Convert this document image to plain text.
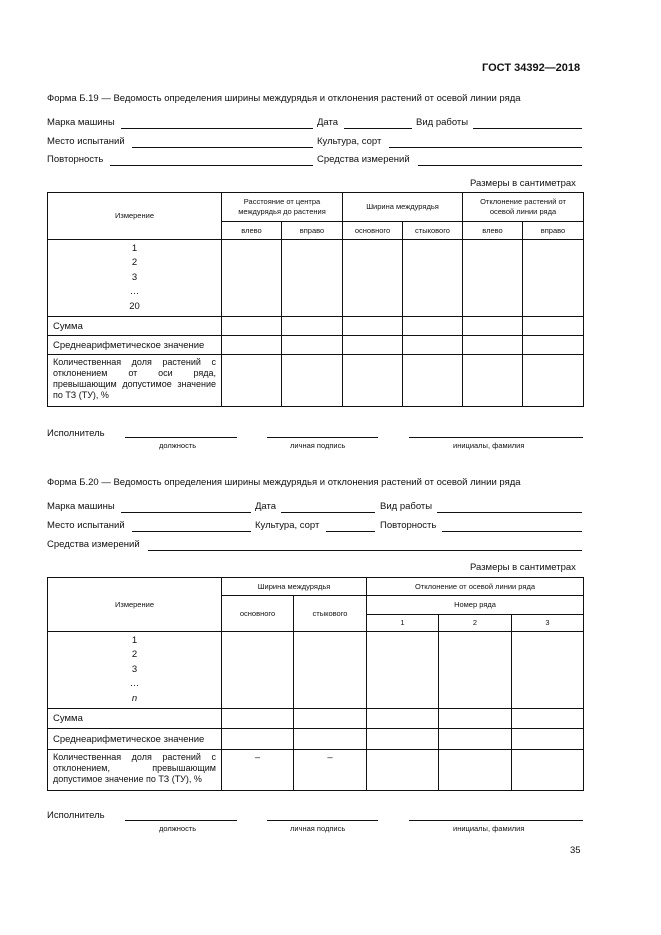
ГОСТ 34392—2018
Форма Б.19 — Ведомость определения ширины междурядья и отклонения растений от осевой линии ряда
Марка машины	Дата	Вид работы
Место испытаний	Культура, сорт
Повторность	Средства измерений
Размеры в сантиметрах
Измерение	Расстояние от центра междурядья до растения		Ширина междурядья		Отклонение растений от осевой линии ряда	
	влево	вправо	основного	стыкового	влево	вправо

1
2
3
…
20						

Сумма						
Среднеарифметическое значение						
Количественная доля растений с отклонением от оси ряда, превышающим допустимое значение по ТЗ (ТУ), %						
Исполнитель
должность	личная подпись	инициалы, фамилия
Форма Б.20 — Ведомость определения ширины междурядья и отклонения растений от осевой линии ряда
Марка машины	Дата	Вид работы
Место испытаний	Культура, сорт	Повторность
Средства измерений
Размеры в сантиметрах
Измерение	Ширина междурядья		Отклонение от осевой линии ряда		
	основного	стыкового	Номер ряда		
			1	2	3

1
2
3
…
n					

Сумма					
Среднеарифметическое значение					
Количественная доля растений с отклонением, превышающим допустимое значение по ТЗ (ТУ), %	–	–			
Исполнитель
должность	личная подпись	инициалы, фамилия
35
